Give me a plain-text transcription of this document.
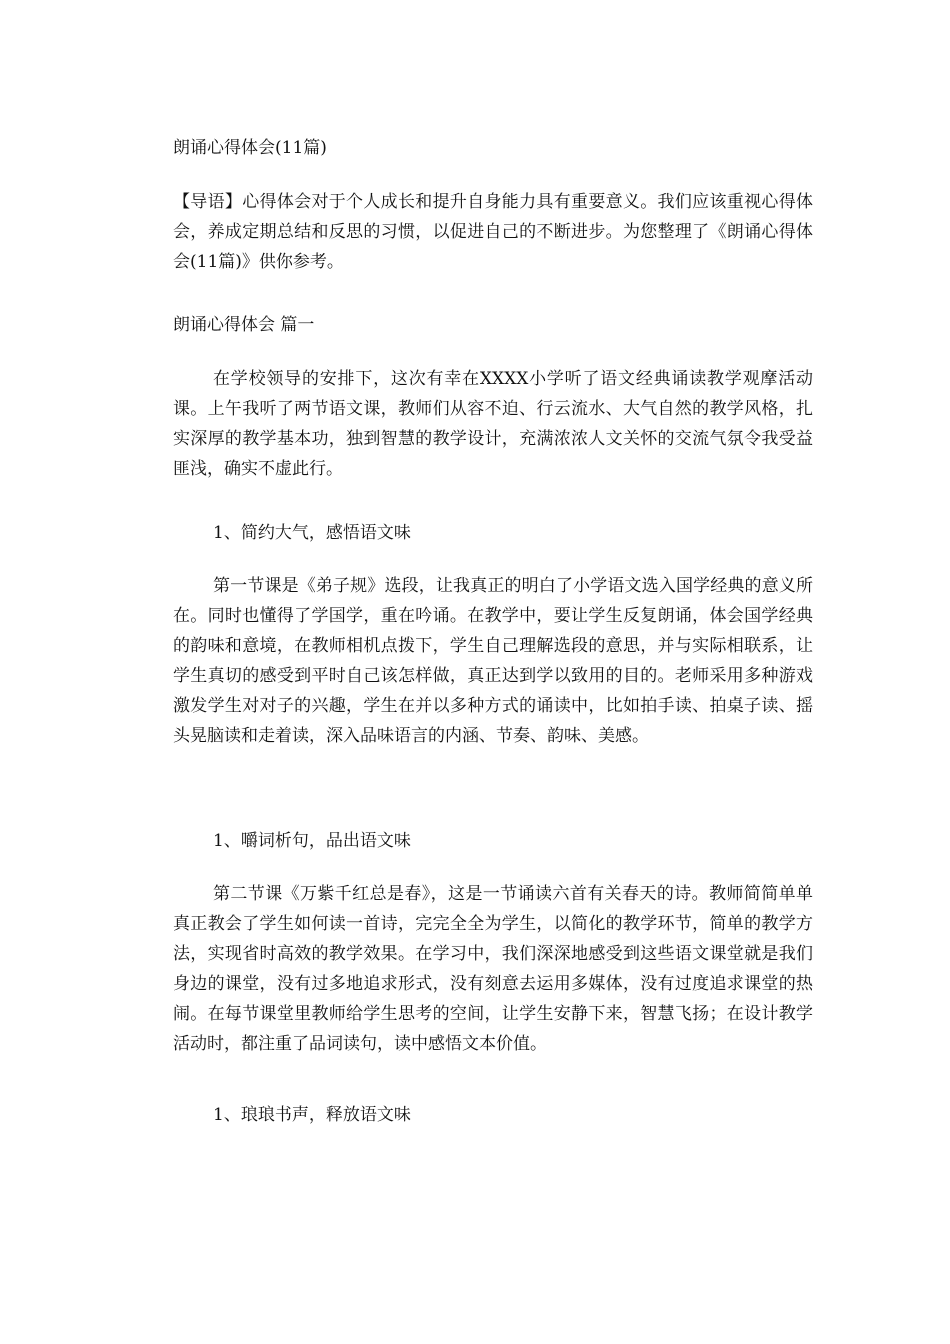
朗诵心得体会(11篇)

【导语】心得体会对于个人成长和提升自身能力具有重要意义。我们应该重视心得体会，养成定期总结和反思的习惯，以促进自己的不断进步。为您整理了《朗诵心得体会(11篇)》供你参考。

朗诵心得体会 篇一

在学校领导的安排下，这次有幸在XXXX小学听了语文经典诵读教学观摩活动课。上午我听了两节语文课，教师们从容不迫、行云流水、大气自然的教学风格，扎实深厚的教学基本功，独到智慧的教学设计，充满浓浓人文关怀的交流气氛令我受益匪浅，确实不虚此行。

1、简约大气，感悟语文味

第一节课是《弟子规》选段，让我真正的明白了小学语文选入国学经典的意义所在。同时也懂得了学国学，重在吟诵。在教学中，要让学生反复朗诵，体会国学经典的韵味和意境，在教师相机点拨下，学生自己理解选段的意思，并与实际相联系，让学生真切的感受到平时自己该怎样做，真正达到学以致用的目的。老师采用多种游戏激发学生对对子的兴趣，学生在并以多种方式的诵读中，比如拍手读、拍桌子读、摇头晃脑读和走着读，深入品味语言的内涵、节奏、韵味、美感。

1、嚼词析句，品出语文味

第二节课《万紫千红总是春》，这是一节诵读六首有关春天的诗。教师简简单单真正教会了学生如何读一首诗，完完全全为学生，以简化的教学环节，简单的教学方法，实现省时高效的教学效果。在学习中，我们深深地感受到这些语文课堂就是我们身边的课堂，没有过多地追求形式，没有刻意去运用多媒体，没有过度追求课堂的热闹。在每节课堂里教师给学生思考的空间，让学生安静下来，智慧飞扬；在设计教学活动时，都注重了品词读句，读中感悟文本价值。

1、琅琅书声，释放语文味
